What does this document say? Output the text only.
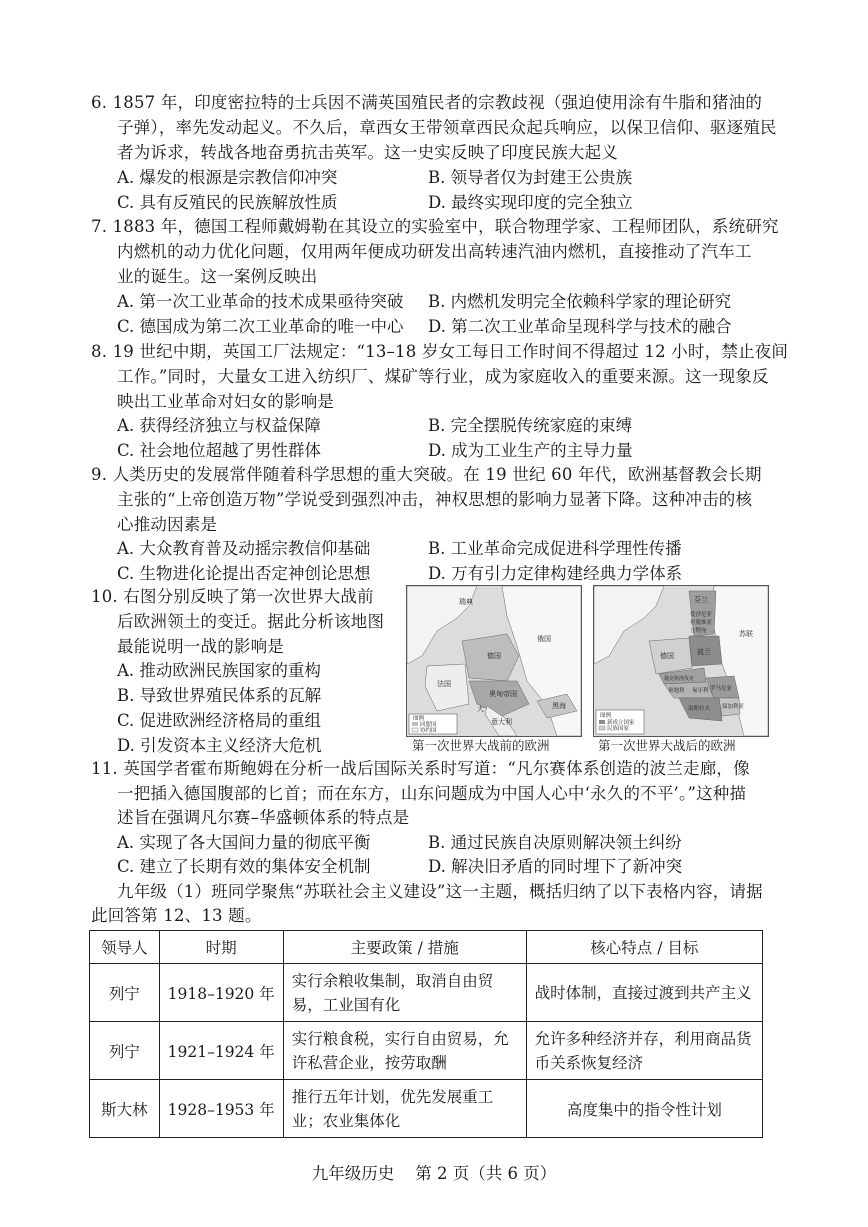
6. 1857 年，印度密拉特的士兵因不满英国殖民者的宗教歧视（强迫使用涂有牛脂和猪油的
子弹），率先发动起义。不久后，章西女王带领章西民众起兵响应，以保卫信仰、驱逐殖民
者为诉求，转战各地奋勇抗击英军。这一史实反映了印度民族大起义
A. 爆发的根源是宗教信仰冲突	B. 领导者仅为封建王公贵族
C. 具有反殖民的民族解放性质	D. 最终实现印度的完全独立
7. 1883 年，德国工程师戴姆勒在其设立的实验室中，联合物理学家、工程师团队，系统研究
内燃机的动力优化问题，仅用两年便成功研发出高转速汽油内燃机，直接推动了汽车工
业的诞生。这一案例反映出
A. 第一次工业革命的技术成果亟待突破 B. 内燃机发明完全依赖科学家的理论研究
C. 德国成为第二次工业革命的唯一中心 D. 第二次工业革命呈现科学与技术的融合
8. 19 世纪中期，英国工厂法规定：“13–18 岁女工每日工作时间不得超过 12 小时，禁止夜间
工作。”同时，大量女工进入纺织厂、煤矿等行业，成为家庭收入的重要来源。这一现象反
映出工业革命对妇女的影响是
A. 获得经济独立与权益保障	B. 完全摆脱传统家庭的束缚
C. 社会地位超越了男性群体	D. 成为工业生产的主导力量
9. 人类历史的发展常伴随着科学思想的重大突破。在 19 世纪 60 年代，欧洲基督教会长期
主张的“上帝创造万物”学说受到强烈冲击，神权思想的影响力显著下降。这种冲击的核
心推动因素是
A. 大众教育普及动摇宗教信仰基础	B. 工业革命完成促进科学理性传播
C. 生物进化论提出否定神创论思想	D. 万有引力定律构建经典力学体系
10. 右图分别反映了第一次世界大战前
后欧洲领土的变迁。据此分析该地图
最能说明一战的影响是
A. 推动欧洲民族国家的重构
B. 导致世界殖民体系的瓦解
C. 促进欧洲经济格局的重组
D. 引发资本主义经济大危机
瑞典
俄国
德国
法国
奥匈帝国
意大利
大	黑海
图例
同盟国
协约国
第一次世界大战前的欧洲
芬兰
爱沙尼亚
拉脱维亚
立陶宛	苏联
波兰
德国
捷克斯洛伐克
奥地利 匈牙利 罗马尼亚
南斯拉夫 保加利亚
图例
新成立国家
民族国家
第一次世界大战后的欧洲
11. 英国学者霍布斯鲍姆在分析一战后国际关系时写道：“凡尔赛体系创造的波兰走廊，像
一把插入德国腹部的匕首；而在东方，山东问题成为中国人心中‘永久的不平’。”这种描
述旨在强调凡尔赛–华盛顿体系的特点是
A. 实现了各大国间力量的彻底平衡	B. 通过民族自决原则解决领土纠纷
C. 建立了长期有效的集体安全机制	D. 解决旧矛盾的同时埋下了新冲突
九年级（1）班同学聚焦“苏联社会主义建设”这一主题，概括归纳了以下表格内容，请据
此回答第 12、13 题。
领导人	时期	主要政策 / 措施	核心特点 / 目标
列宁	1918–1920 年	实行余粮收集制，取消自由贸易，工业国有化	战时体制，直接过渡到共产主义
列宁	1921–1924 年	实行粮食税，实行自由贸易，允许私营企业，按劳取酬	允许多种经济并存，利用商品货币关系恢复经济
斯大林	1928–1953 年	推行五年计划，优先发展重工业；农业集体化	高度集中的指令性计划
九年级历史    第 2 页（共 6 页）
